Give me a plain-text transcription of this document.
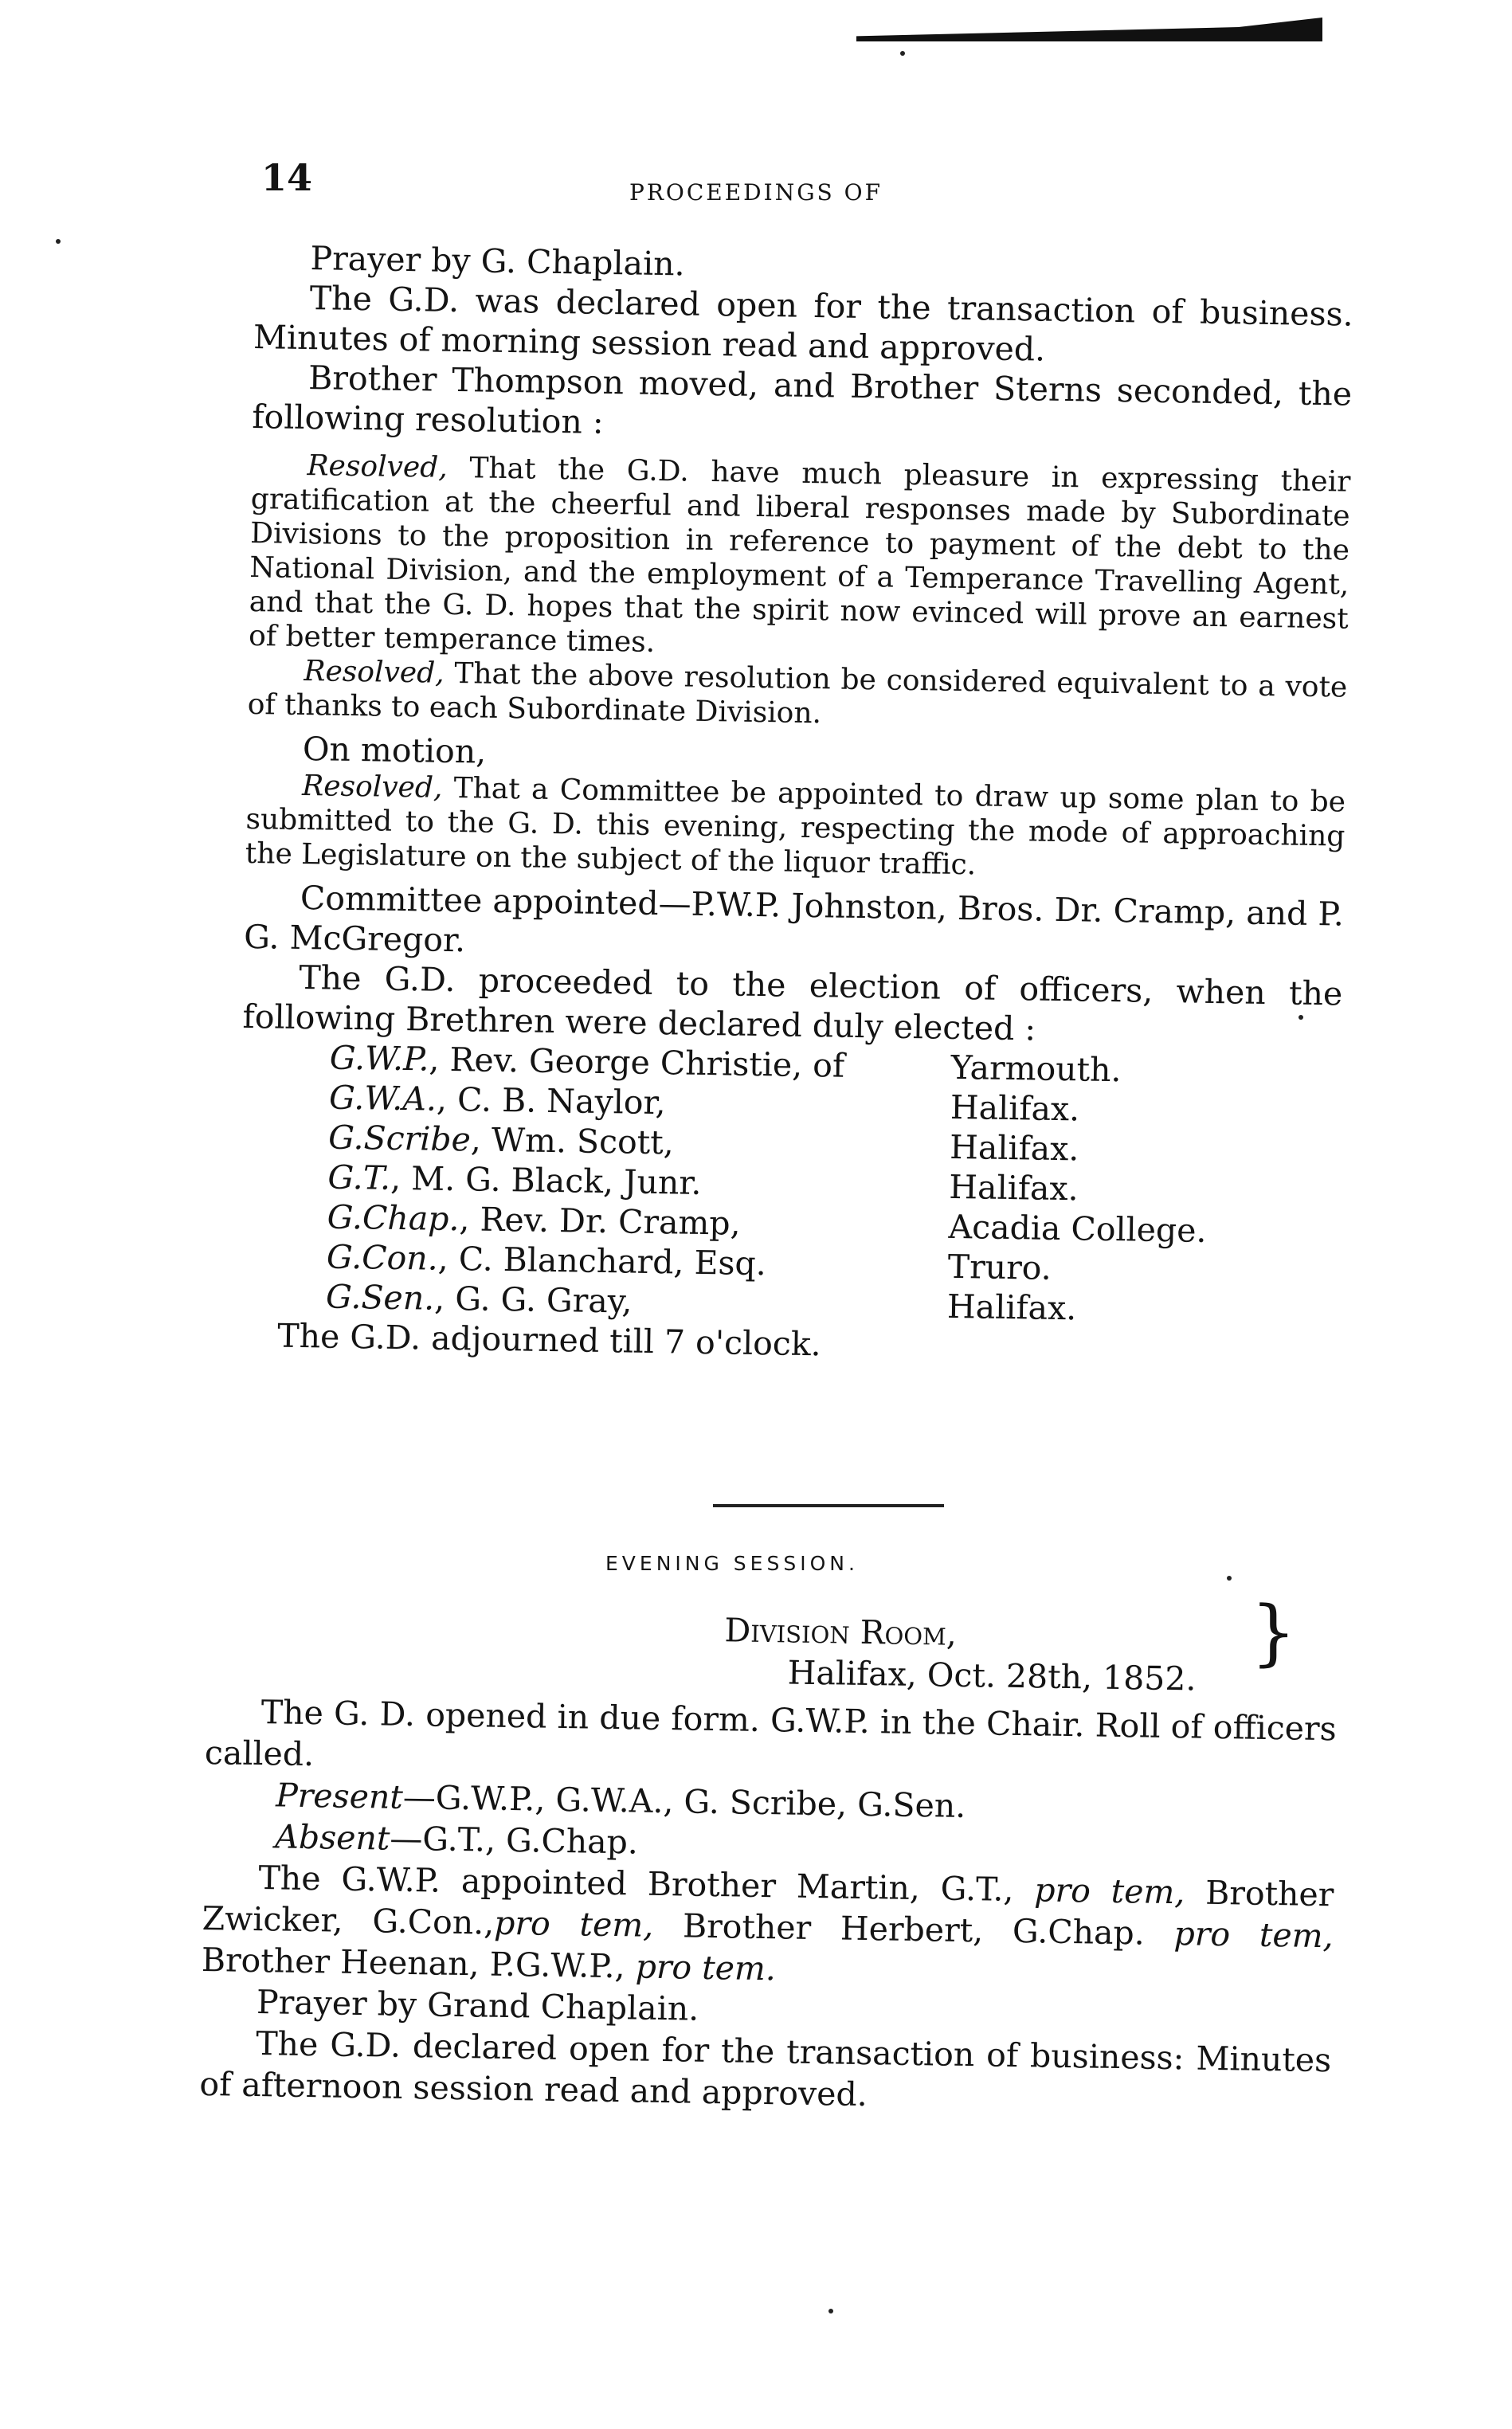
14	PROCEEDINGS OF

Prayer by G. Chaplain.

The G.D. was declared open for the transaction of business. Minutes of morning session read and approved.

Brother Thompson moved, and Brother Sterns seconded, the following resolution :

Resolved, That the G.D. have much pleasure in expressing their gratification at the cheerful and liberal responses made by Subordinate Divisions to the proposition in reference to payment of the debt to the National Division, and the employment of a Temperance Travelling Agent, and that the G. D. hopes that the spirit now evinced will prove an earnest of better temperance times.

Resolved, That the above resolution be considered equivalent to a vote of thanks to each Subordinate Division.

On motion,

Resolved, That a Committee be appointed to draw up some plan to be submitted to the G. D. this evening, respecting the mode of approaching the Legislature on the subject of the liquor traffic.

Committee appointed—P.W.P. Johnston, Bros. Dr. Cramp, and P. G. McGregor.

The G.D. proceeded to the election of officers, when the following Brethren were declared duly elected :

G.W.P., Rev. George Christie, of	Yarmouth.
G.W.A., C. B. Naylor,	Halifax.
G.Scribe, Wm. Scott,	Halifax.
G.T., M. G. Black, Junr.	Halifax.
G.Chap., Rev. Dr. Cramp,	Acadia College.
G.Con., C. Blanchard, Esq.	Truro.
G.Sen., G. G. Gray,	Halifax.

The G.D. adjourned till 7 o'clock.

EVENING SESSION.
Division Room,
Halifax, Oct. 28th, 1852.

The G. D. opened in due form. G.W.P. in the Chair. Roll of officers called.

Present—G.W.P., G.W.A., G. Scribe, G.Sen.

Absent—G.T., G.Chap.

The G.W.P. appointed Brother Martin, G.T., pro tem, Brother Zwicker, G.Con.,pro tem, Brother Herbert, G.Chap. pro tem, Brother Heenan, P.G.W.P., pro tem.

Prayer by Grand Chaplain.

The G.D. declared open for the transaction of business: Minutes of afternoon session read and approved.

}
